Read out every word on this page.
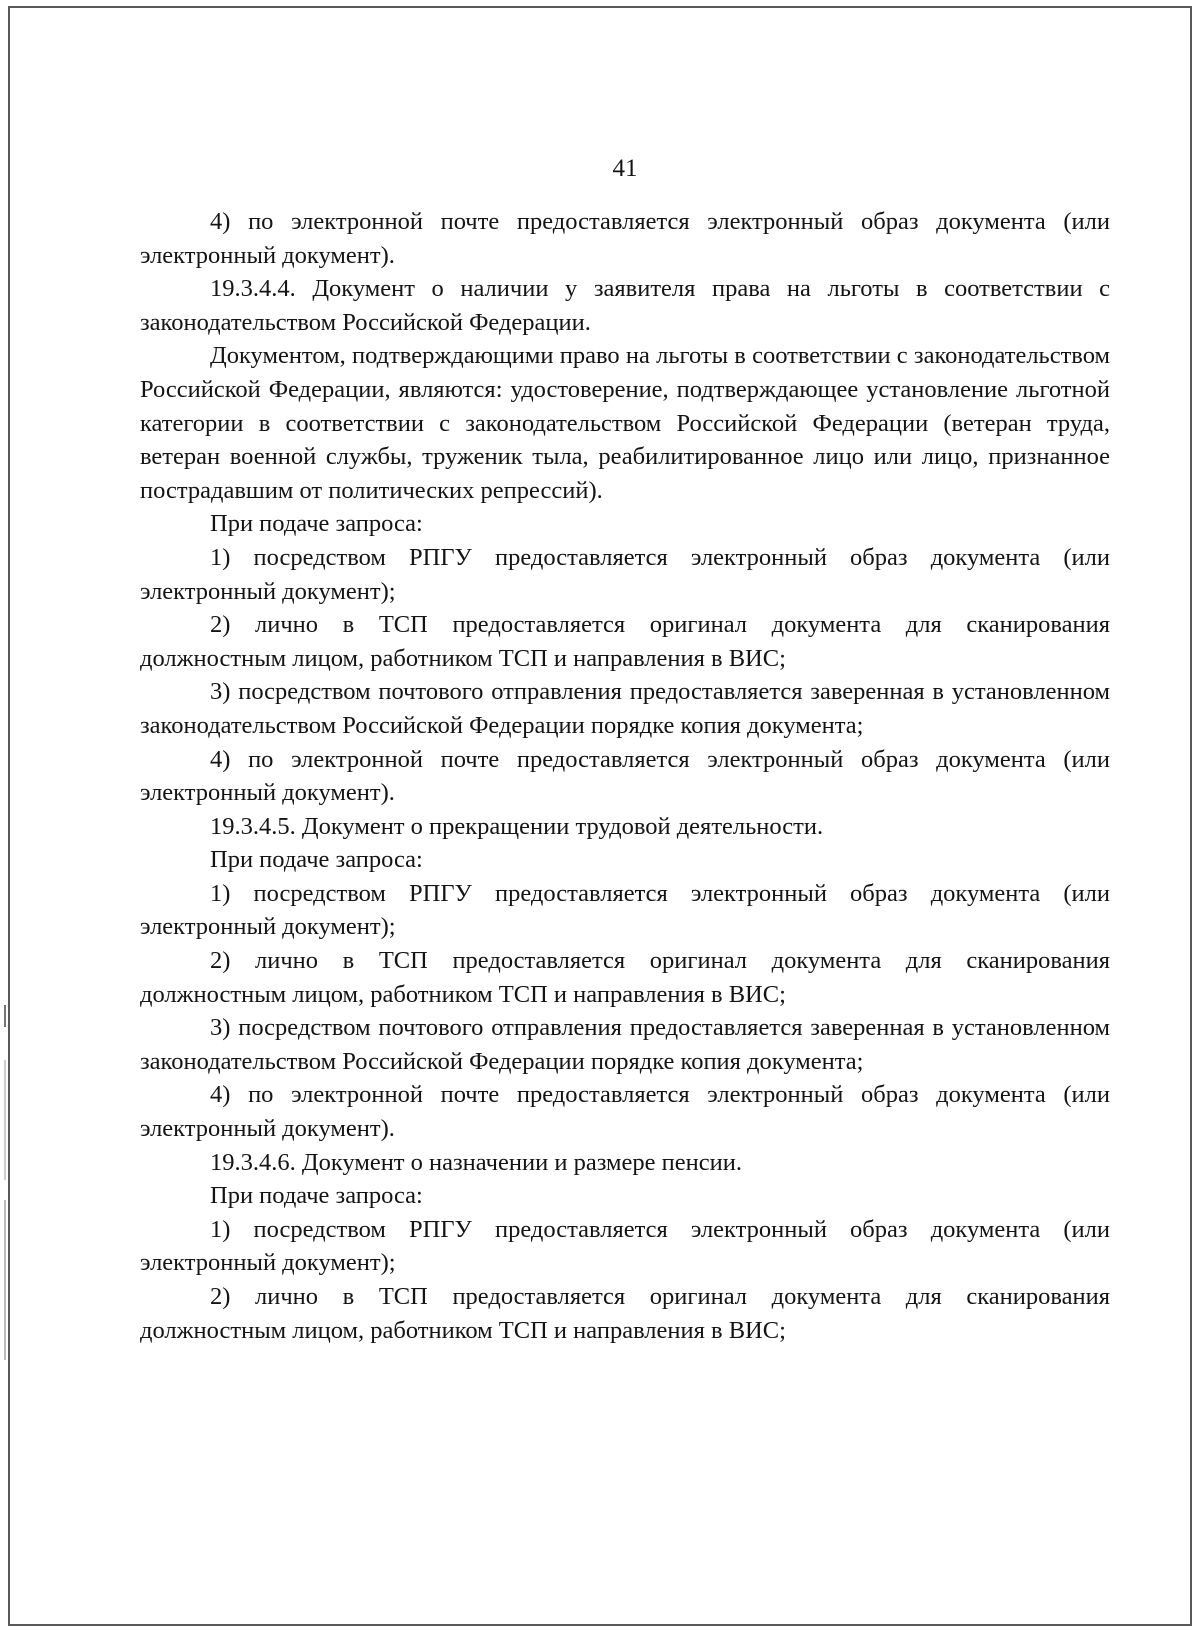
41

4) по электронной почте предоставляется электронный образ документа (или электронный документ).

19.3.4.4. Документ о наличии у заявителя права на льготы в соответствии с законодательством Российской Федерации.

Документом, подтверждающими право на льготы в соответствии с законодательством Российской Федерации, являются: удостоверение, подтверждающее установление льготной категории в соответствии с законодательством Российской Федерации (ветеран труда, ветеран военной службы, труженик тыла, реабилитированное лицо или лицо, признанное пострадавшим от политических репрессий).

При подаче запроса:

1) посредством РПГУ предоставляется электронный образ документа (или электронный документ);

2) лично в ТСП предоставляется оригинал документа для сканирования должностным лицом, работником ТСП и направления в ВИС;

3) посредством почтового отправления предоставляется заверенная в установленном законодательством Российской Федерации порядке копия документа;

4) по электронной почте предоставляется электронный образ документа (или электронный документ).

19.3.4.5. Документ о прекращении трудовой деятельности.

При подаче запроса:

1) посредством РПГУ предоставляется электронный образ документа (или электронный документ);

2) лично в ТСП предоставляется оригинал документа для сканирования должностным лицом, работником ТСП и направления в ВИС;

3) посредством почтового отправления предоставляется заверенная в установленном законодательством Российской Федерации порядке копия документа;

4) по электронной почте предоставляется электронный образ документа (или электронный документ).

19.3.4.6. Документ о назначении и размере пенсии.

При подаче запроса:

1) посредством РПГУ предоставляется электронный образ документа (или электронный документ);

2) лично в ТСП предоставляется оригинал документа для сканирования должностным лицом, работником ТСП и направления в ВИС;
